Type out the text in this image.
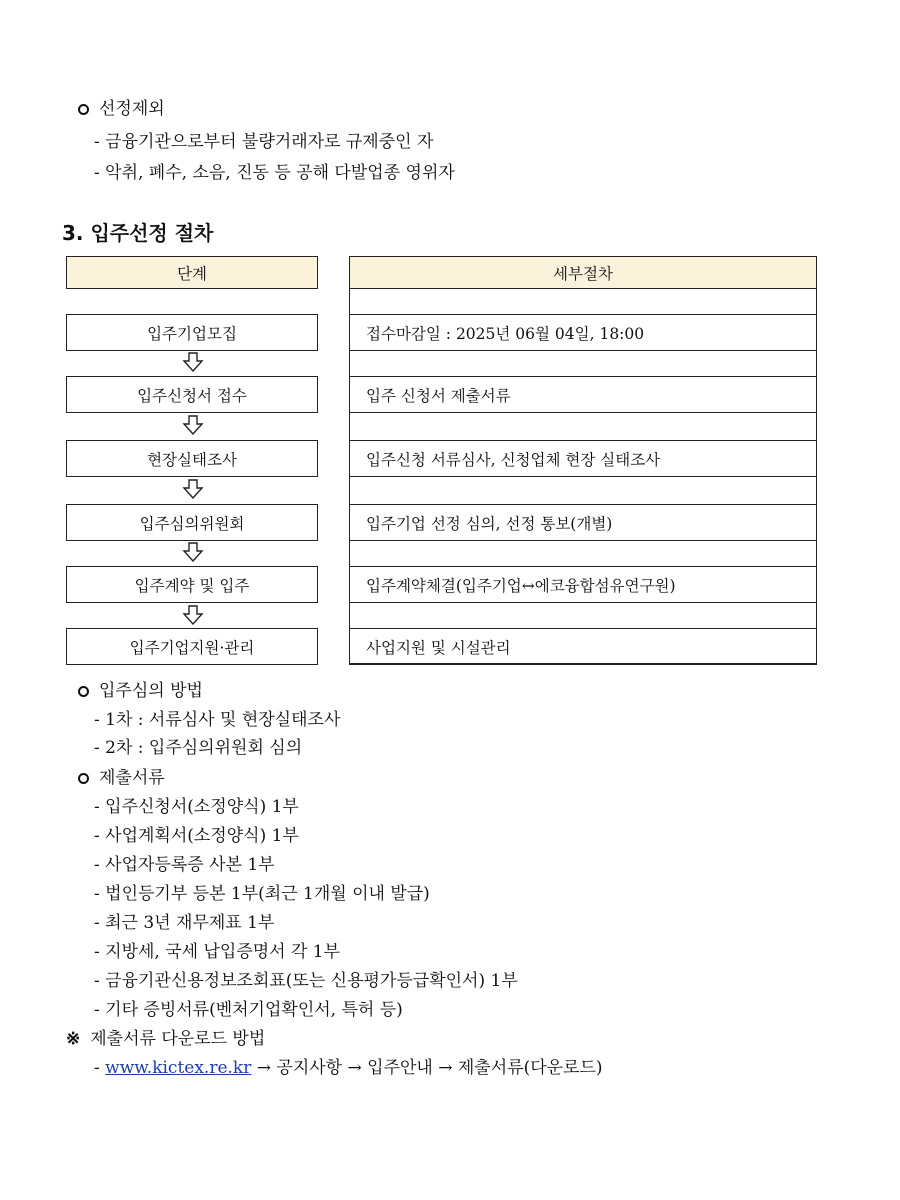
선정제외
- 금융기관으로부터 불량거래자로 규제중인 자
- 악취, 폐수, 소음, 진동 등 공해 다발업종 영위자
3. 입주선정 절차
단계	세부절차
입주기업모집	접수마감일 : 2025년 06월 04일, 18:00
입주신청서 접수	입주 신청서 제출서류
현장실태조사	입주신청 서류심사, 신청업체 현장 실태조사
입주심의위원회	입주기업 선정 심의, 선정 통보(개별)
입주계약 및 입주	입주계약체결(입주기업↔에코융합섬유연구원)
입주기업지원·관리	사업지원 및 시설관리
입주심의 방법
- 1차 : 서류심사 및 현장실태조사
- 2차 : 입주심의위원회 심의
제출서류
- 입주신청서(소정양식) 1부
- 사업계획서(소정양식) 1부
- 사업자등록증 사본 1부
- 법인등기부 등본 1부(최근 1개월 이내 발급)
- 최근 3년 재무제표 1부
- 지방세, 국세 납입증명서 각 1부
- 금융기관신용정보조회표(또는 신용평가등급확인서) 1부
- 기타 증빙서류(벤처기업확인서, 특허 등)
※ 제출서류 다운로드 방법
- www.kictex.re.kr → 공지사항 → 입주안내 → 제출서류(다운로드)
